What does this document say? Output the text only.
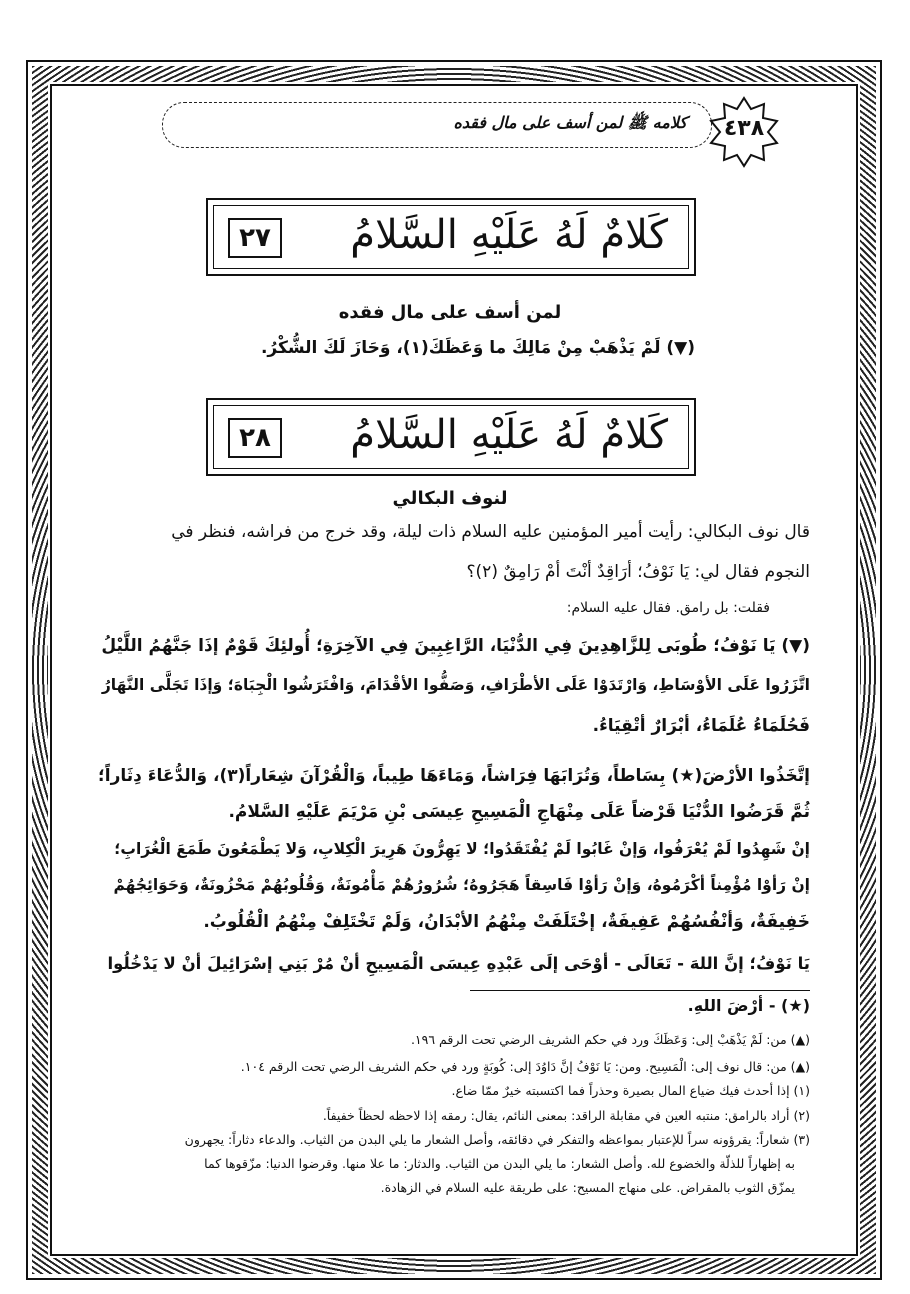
كلامه ﷺ لمن أسف على مال فقده	٤٣٨
كَلامٌ لَهُ عَلَيْهِ السَّلامُ
٢٧
لمن أسف على مال فقده
(▼) لَمْ يَذْهَبْ مِنْ مَالِكَ ما وَعَظَكَ(١)، وَحَازَ لَكَ الشُّكْرُ.
كَلامٌ لَهُ عَلَيْهِ السَّلامُ
٢٨
لنوف البكالي
قال نوف البكالي: رأيت أمير المؤمنين عليه السلام ذات ليلة، وقد خرج من فراشه، فنظر في
النجوم فقال لي: يَا نَوْفُ؛ أرَاقِدٌ أنْتَ أمْ رَامِقٌ (٢)؟
فقلت: بل رامق. فقال عليه السلام:
(▼) يَا نَوْفُ؛ طُوبَى لِلزَّاهِدِينَ فِي الدُّنْيَا، الرَّاغِبِينَ فِي الآخِرَةِ؛ أُولئِكَ قَوْمٌ إذَا جَنَّهُمُ اللَّيْلُ
اتَّزَرُوا عَلَى الأوْسَاطِ، وَارْتَدَوْا عَلَى الأطْرَافِ، وَصَفُّوا الأقْدَامَ، وَافْتَرَشُوا الْجِبَاهَ؛ وَإذَا تَجَلَّى النَّهَارُ
فَحُلَمَاءُ عُلَمَاءُ، أبْرَارٌ أتْقِيَاءُ.
إتَّخَذُوا الأرْضَ(★) بِسَاطاً، وَتُرَابَهَا فِرَاشاً، وَمَاءَهَا طِيباً، وَالْقُرْآنَ شِعَاراً(٣)، وَالدُّعَاءَ دِثَاراً؛
ثُمَّ قَرَضُوا الدُّنْيَا قَرْضاً عَلَى مِنْهَاجِ الْمَسِيحِ عِيسَى بْنِ مَرْيَمَ عَلَيْهِ السَّلامُ.
إنْ شَهِدُوا لَمْ يُعْرَفُوا، وَإنْ غَابُوا لَمْ يُفْتَقَدُوا؛ لا يَهِرُّونَ هَرِيرَ الْكِلابِ، وَلا يَطْمَعُونَ طَمَعَ الْغُرَابِ؛
إنْ رَأوْا مُؤْمِناً أكْرَمُوهُ، وَإنْ رَأوْا فَاسِقاً هَجَرُوهُ؛ شُرُورُهُمْ مَأْمُونَةٌ، وَقُلُوبُهُمْ مَحْزُونَةٌ، وَحَوَائِجُهُمْ
خَفِيفَةٌ، وَأنْفُسُهُمْ عَفِيفَةٌ، إخْتَلَفَتْ مِنْهُمُ الأبْدَانُ، وَلَمْ تَخْتَلِفْ مِنْهُمُ الْقُلُوبُ.
يَا نَوْفُ؛ إنَّ اللهَ - تَعَالَى - أوْحَى إلَى عَبْدِهِ عِيسَى الْمَسِيحِ أنْ مُرْ بَنِي إسْرَائِيلَ أنْ لا يَدْخُلُوا
(★) - أرْضَ اللهِ.
(▲) من: لَمْ يَذْهَبْ إلى: وَعَظَكَ ورد في حكم الشريف الرضي تحت الرقم ١٩٦.
(▲) من: قال نوف إلى: الْمَسِيح. ومن: يَا نَوْفُ إنَّ دَاوُدَ إلى: كُوبَةٍ ورد في حكم الشريف الرضي تحت الرقم ١٠٤.
(١) إذا أحدث فيك ضياع المال بصيرة وحذراً فما اكتسبته خيرٌ ممّا ضاع.
(٢) أراد بالرامق: منتبه العين في مقابلة الراقد: بمعنى النائم، يقال: رمقه إذا لاحظه لحظاً خفيفاً.
(٣) شعاراً: يقرؤونه سراً للإعتبار بمواعظه والتفكر في دقائقه، وأصل الشعار ما يلي البدن من الثياب. والدعاء دثاراً: يجهرون
به إظهاراً للذلّة والخضوع لله. وأصل الشعار: ما يلي البدن من الثياب. والدثار: ما علا منها. وقرضوا الدنيا: مزّقوها كما
يمزّق الثوب بالمقراض. على منهاج المسيح: على طريقة عليه السلام في الزهادة.
